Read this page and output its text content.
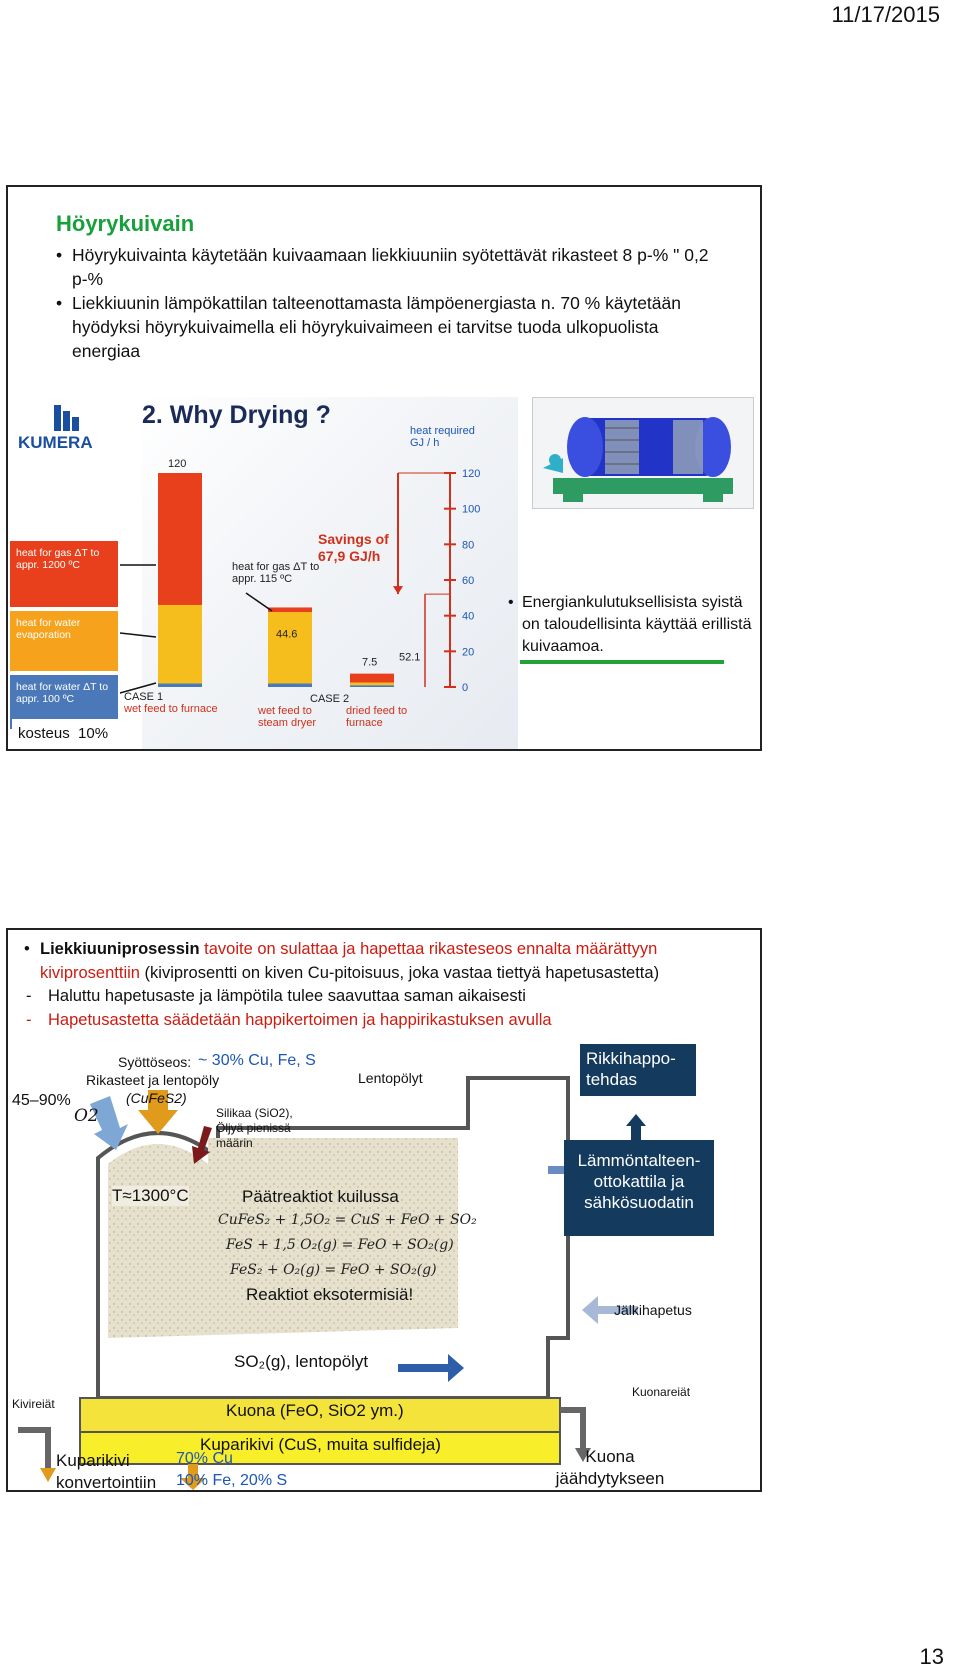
11/17/2015
Höyrykuivain
• Höyrykuivainta käytetään kuivaamaan liekkiuuniin syötettävät rikasteet 8 p-% " 0,2 p-%
• Liekkiuunin lämpökattilan talteenottamasta lämpöenergiasta n. 70 % käytetään hyödyksi höyrykuivaimella eli höyrykuivaimeen ei tarvitse tuoda ulkopuolista energiaa
KUMERA
2. Why Drying ?
heat required GJ / h
0
20
40
60
80
100
120
120
44.6
7.5 52.1
heat for gas ΔT to appr. 1200 ºC
heat for water evaporation
heat for water ΔT to appr. 100 ºC
heat for gas ΔT to appr. 115 ºC
Savings of 67,9 GJ/h
CASE 1
wet feed to furnace
CASE 2
wet feed to steam dryer
dried feed to furnace
kosteus 10%
• Energiankulutuksellisista syistä on taloudellisinta käyttää erillistä kuivaamoa.
• Liekkiuuniprosessin tavoite on sulattaa ja hapettaa rikasteseos ennalta määrättyyn kiviprosenttiin (kiviprosentti on kiven Cu-pitoisuus, joka vastaa tiettyä hapetusastetta)
- Haluttu hapetusaste ja lämpötila tulee saavuttaa saman aikaisesti
- Hapetusastetta säädetään happikertoimen ja happirikastuksen avulla
Syöttöseos: ~ 30% Cu, Fe, S
Rikasteet ja lentopöly
(CuFeS2)
45–90%
O2	Silikaa (SiO2), Öljyä pienissä määrin
Lentopölyt
Rikkihappo-tehdas
Lämmöntalteen-ottokattila ja sähkösuodatin
T≈1300°C	Päätreaktiot kuilussa
CuFeS₂ + 1,5O₂ = CuS + FeO + SO₂
FeS + 1,5 O₂(g) = FeO + SO₂(g)
FeS₂ + O₂(g) = FeO + SO₂(g)
Reaktiot eksotermisiä!
Jälkihapetus
SO₂(g), lentopölyt
Kivireiät
Kuonareiät
Kuona (FeO, SiO2 ym.)
Kuparikivi (CuS, muita sulfideja)
Kuparikivi konvertointiin
70% Cu
10% Fe, 20% S
Kuona jäähdytykseen
13
